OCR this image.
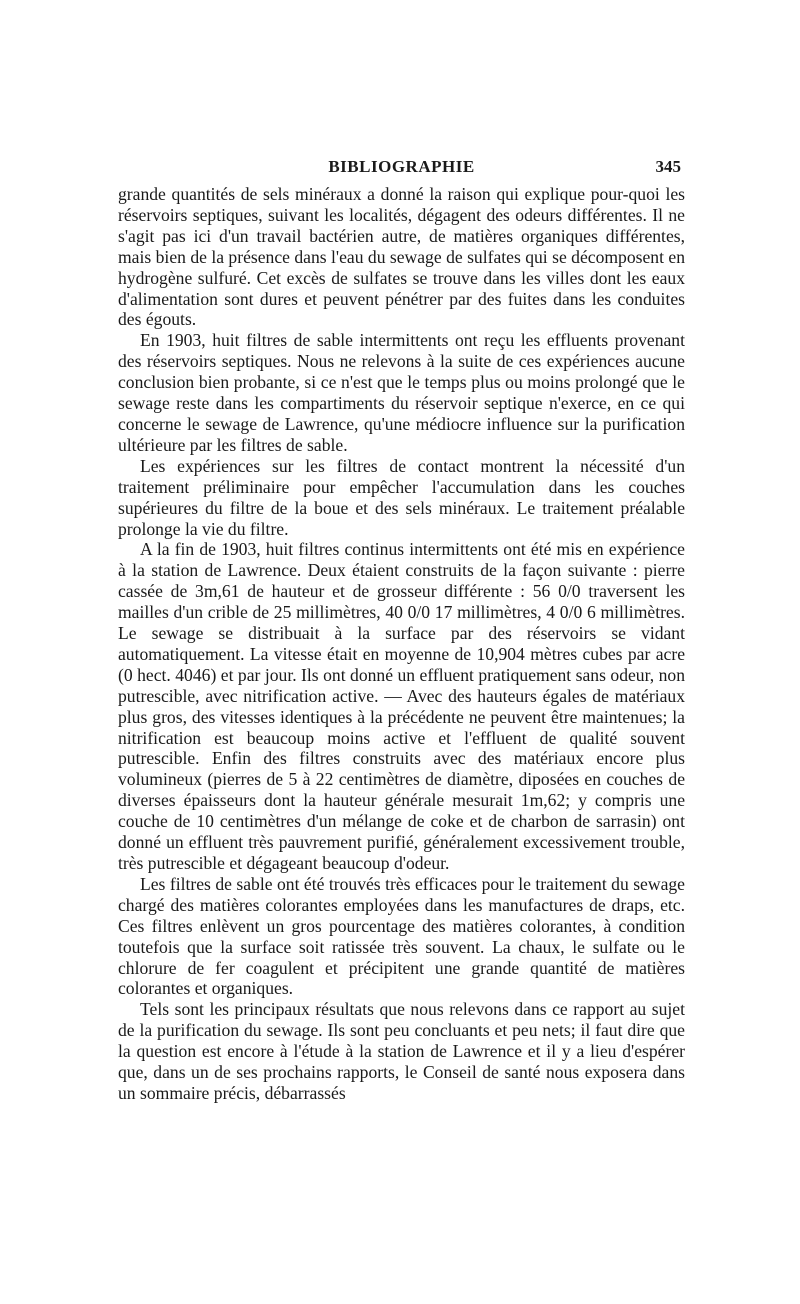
BIBLIOGRAPHIE	345

grande quantités de sels minéraux a donné la raison qui explique pour-quoi les réservoirs septiques, suivant les localités, dégagent des odeurs différentes. Il ne s'agit pas ici d'un travail bactérien autre, de matières organiques différentes, mais bien de la présence dans l'eau du sewage de sulfates qui se décomposent en hydrogène sulfuré. Cet excès de sulfates se trouve dans les villes dont les eaux d'alimentation sont dures et peuvent pénétrer par des fuites dans les conduites des égouts.

En 1903, huit filtres de sable intermittents ont reçu les effluents provenant des réservoirs septiques. Nous ne relevons à la suite de ces expériences aucune conclusion bien probante, si ce n'est que le temps plus ou moins prolongé que le sewage reste dans les compartiments du réservoir septique n'exerce, en ce qui concerne le sewage de Lawrence, qu'une médiocre influence sur la purification ultérieure par les filtres de sable.

Les expériences sur les filtres de contact montrent la nécessité d'un traitement préliminaire pour empêcher l'accumulation dans les couches supérieures du filtre de la boue et des sels minéraux. Le traitement préalable prolonge la vie du filtre.

A la fin de 1903, huit filtres continus intermittents ont été mis en expérience à la station de Lawrence. Deux étaient construits de la façon suivante : pierre cassée de 3m,61 de hauteur et de grosseur différente : 56 0/0 traversent les mailles d'un crible de 25 millimètres, 40 0/0 17 millimètres, 4 0/0 6 millimètres. Le sewage se distribuait à la surface par des réservoirs se vidant automatiquement. La vitesse était en moyenne de 10,904 mètres cubes par acre (0 hect. 4046) et par jour. Ils ont donné un effluent pratiquement sans odeur, non putrescible, avec nitrification active. — Avec des hauteurs égales de matériaux plus gros, des vitesses identiques à la précédente ne peuvent être maintenues; la nitrification est beaucoup moins active et l'effluent de qualité souvent putrescible. Enfin des filtres construits avec des matériaux encore plus volumineux (pierres de 5 à 22 centimètres de diamètre, diposées en couches de diverses épaisseurs dont la hauteur générale mesurait 1m,62; y compris une couche de 10 centimètres d'un mélange de coke et de charbon de sarrasin) ont donné un effluent très pauvrement purifié, généralement excessivement trouble, très putrescible et dégageant beaucoup d'odeur.

Les filtres de sable ont été trouvés très efficaces pour le traitement du sewage chargé des matières colorantes employées dans les manufactures de draps, etc. Ces filtres enlèvent un gros pourcentage des matières colorantes, à condition toutefois que la surface soit ratissée très souvent. La chaux, le sulfate ou le chlorure de fer coagulent et précipitent une grande quantité de matières colorantes et organiques.

Tels sont les principaux résultats que nous relevons dans ce rapport au sujet de la purification du sewage. Ils sont peu concluants et peu nets; il faut dire que la question est encore à l'étude à la station de Lawrence et il y a lieu d'espérer que, dans un de ses prochains rapports, le Conseil de santé nous exposera dans un sommaire précis, débarrassés
